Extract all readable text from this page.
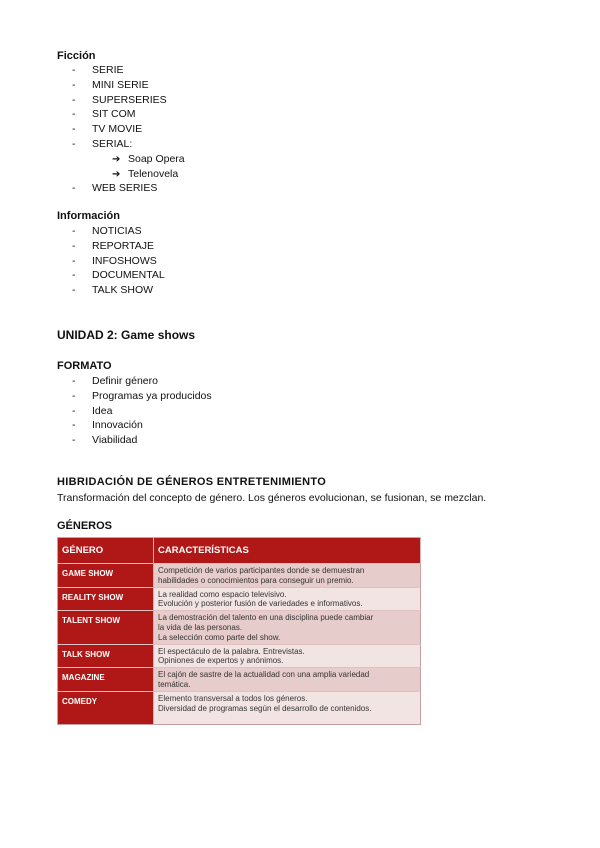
Ficción
- SERIE
- MINI SERIE
- SUPERSERIES
- SIT COM
- TV MOVIE
- SERIAL:
➔ Soap Opera
➔ Telenovela
- WEB SERIES
Información
- NOTICIAS
- REPORTAJE
- INFOSHOWS
- DOCUMENTAL
- TALK SHOW
UNIDAD 2: Game shows
FORMATO
- Definir género
- Programas ya producidos
- Idea
- Innovación
- Viabilidad
HIBRIDACIÓN DE GÉNEROS ENTRETENIMIENTO
Transformación del concepto de género. Los géneros evolucionan, se fusionan, se mezclan.
GÉNEROS
GÉNERO	CARACTERÍSTICAS
GAME SHOW	Competición de varios participantes donde se demuestran
habilidades o conocimientos para conseguir un premio.

REALITY SHOW	La realidad como espacio televisivo.
Evolución y posterior fusión de variedades e informativos.

TALENT SHOW	La demostración del talento en una disciplina puede cambiar
la vida de las personas.
La selección como parte del show.

TALK SHOW	El espectáculo de la palabra. Entrevistas.
Opiniones de expertos y anónimos.

MAGAZINE	El cajón de sastre de la actualidad con una amplia variedad
temática.

COMEDY	Elemento transversal a todos los géneros.
Diversidad de programas según el desarrollo de contenidos.
